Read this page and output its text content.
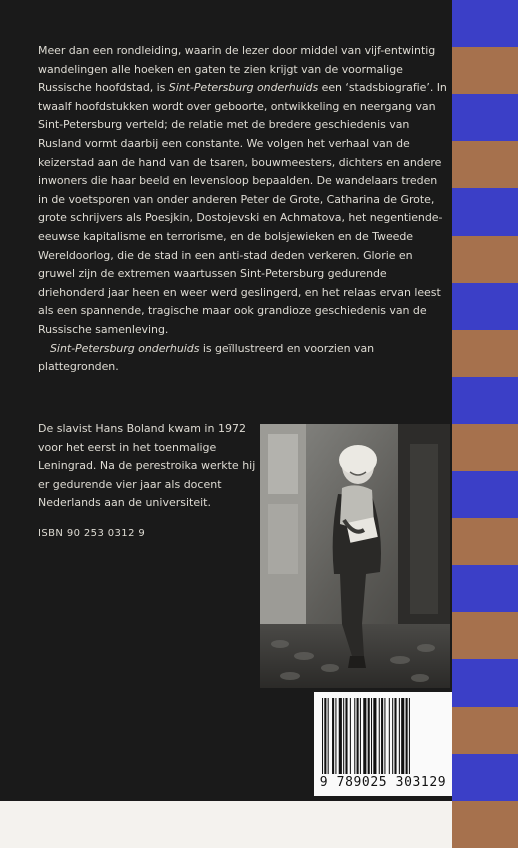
Meer dan een rondleiding, waarin de lezer door middel van vijf-entwintig wandelingen alle hoeken en gaten te zien krijgt van de voormalige Russische hoofdstad, is Sint-Petersburg onderhuids een ‘stadsbiografie’. In twaalf hoofdstukken wordt over geboorte, ontwikkeling en neergang van Sint-Petersburg verteld; de relatie met de bredere geschiedenis van Rusland vormt daarbij een constante. We volgen het verhaal van de keizerstad aan de hand van de tsaren, bouwmeesters, dichters en andere inwoners die haar beeld en levensloop bepaalden. De wandelaars treden in de voetsporen van onder anderen Peter de Grote, Catharina de Grote, grote schrijvers als Poesjkin, Dostojevski en Achmatova, het negentiende-eeuwse kapitalisme en terrorisme, en de bolsjewieken en de Tweede Wereldoorlog, die de stad in een anti-stad deden verkeren. Glorie en gruwel zijn de extremen waartussen Sint-Petersburg gedurende driehonderd jaar heen en weer werd geslingerd, en het relaas ervan leest als een spannende, tragische maar ook grandioze geschiedenis van de Russische samenleving.

Sint-Petersburg onderhuids is geïllustreerd en voorzien van plattegronden.

De slavist Hans Boland kwam in 1972 voor het eerst in het toenmalige Leningrad. Na de perestroika werkte hij er gedurende vier jaar als docent Nederlands aan de universiteit.
ISBN 90 253 0312 9
9 789025 303129
